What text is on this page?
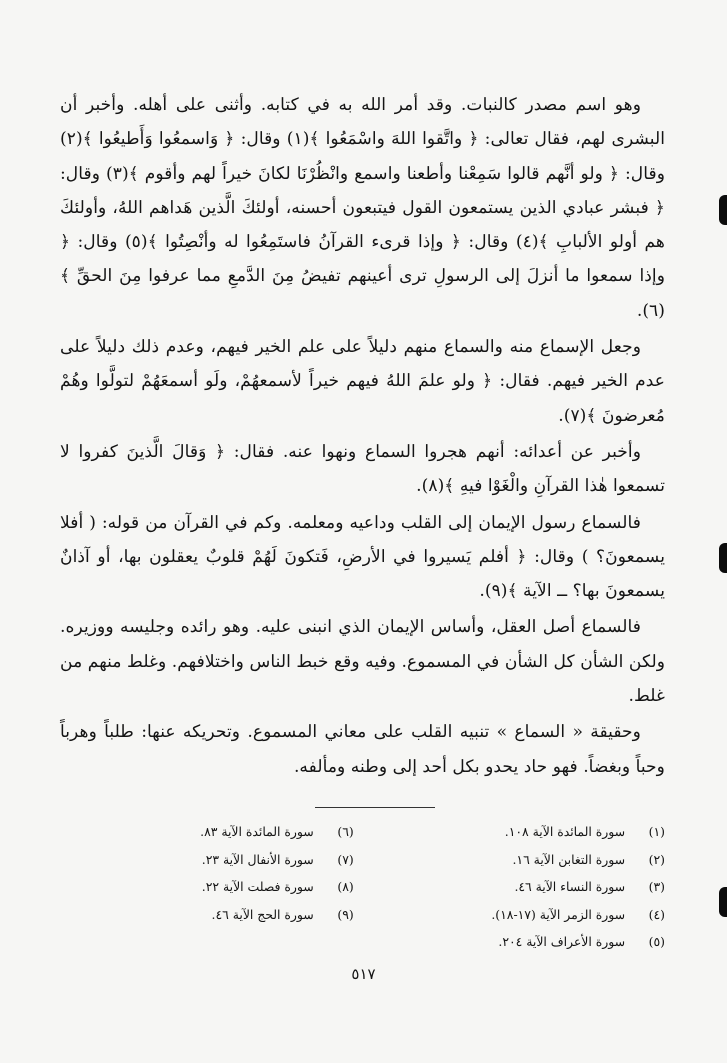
وهو اسم مصدر كالنبات. وقد أمر الله به في كتابه. وأثنى على أهله. وأخبر أن البشرى لهم، فقال تعالى: ﴿ واتَّقوا اللهَ واسْمَعُوا ﴾(١) وقال: ﴿ وَاسمعُوا وَأَطيعُوا ﴾(٢) وقال: ﴿ ولو أنَّهم قالوا سَمِعْنا وأطعنا واسمع وانْظُرْنَا لكانَ خيراً لهم وأقوم ﴾(٣) وقال: ﴿ فبشر عبادي الذين يستمعون القول فيتبعون أحسنه، أولئكَ الَّذين هَداهم اللهُ، وأولئكَ هم أولو الألبابِ ﴾(٤) وقال: ﴿ وإذا قرىء القرآنُ فاستَمِعُوا له وأنْصِتُوا ﴾(٥) وقال: ﴿ وإذا سمعوا ما أنزلَ إلى الرسولِ ترى أعينهم تفيضُ مِنَ الدَّمعِ مما عرفوا مِنَ الحقِّ ﴾(٦).

وجعل الإسماع منه والسماع منهم دليلاً على علم الخير فيهم، وعدم ذلك دليلاً على عدم الخير فيهم. فقال: ﴿ ولو علمَ اللهُ فيهم خيراً لأسمعهُمْ، ولَو أسمعَهُمْ لتولَّوا وهُمْ مُعرضونَ ﴾(٧).

وأخبر عن أعدائه: أنهم هجروا السماع ونهوا عنه. فقال: ﴿ وَقالَ الَّذينَ كفروا لا تسمعوا هٰذا القرآنِ والْغَوْا فيهِ ﴾(٨).

فالسماع رسول الإيمان إلى القلب وداعيه ومعلمه. وكم في القرآن من قوله: ( أفلا يسمعونَ؟ ) وقال: ﴿ أفلم يَسيروا في الأرضِ، فَتكونَ لَهُمْ قلوبٌ يعقلون بها، أو آذانٌ يسمعونَ بها؟ ــ الآية ﴾(٩).

فالسماع أصل العقل، وأساس الإيمان الذي انبنى عليه. وهو رائده وجليسه ووزيره. ولكن الشأن كل الشأن في المسموع. وفيه وقع خبط الناس واختلافهم. وغلط منهم من غلط.

وحقيقة « السماع » تنبيه القلب على معاني المسموع. وتحريكه عنها: طلباً وهرباً وحباً وبغضاً. فهو حاد يحدو بكل أحد إلى وطنه ومألفه.

(١)
سورة المائدة الآية ١٠٨.
(٢)
سورة التغابن الآية ١٦.
(٣)
سورة النساء الآية ٤٦.
(٤)
سورة الزمر الآية (١٧-١٨).
(٥)
سورة الأعراف الآية ٢٠٤.
(٦)
سورة المائدة الآية ٨٣.
(٧)
سورة الأنفال الآية ٢٣.
(٨)
سورة فصلت الآية ٢٢.
(٩)
سورة الحج الآية ٤٦.
٥١٧
